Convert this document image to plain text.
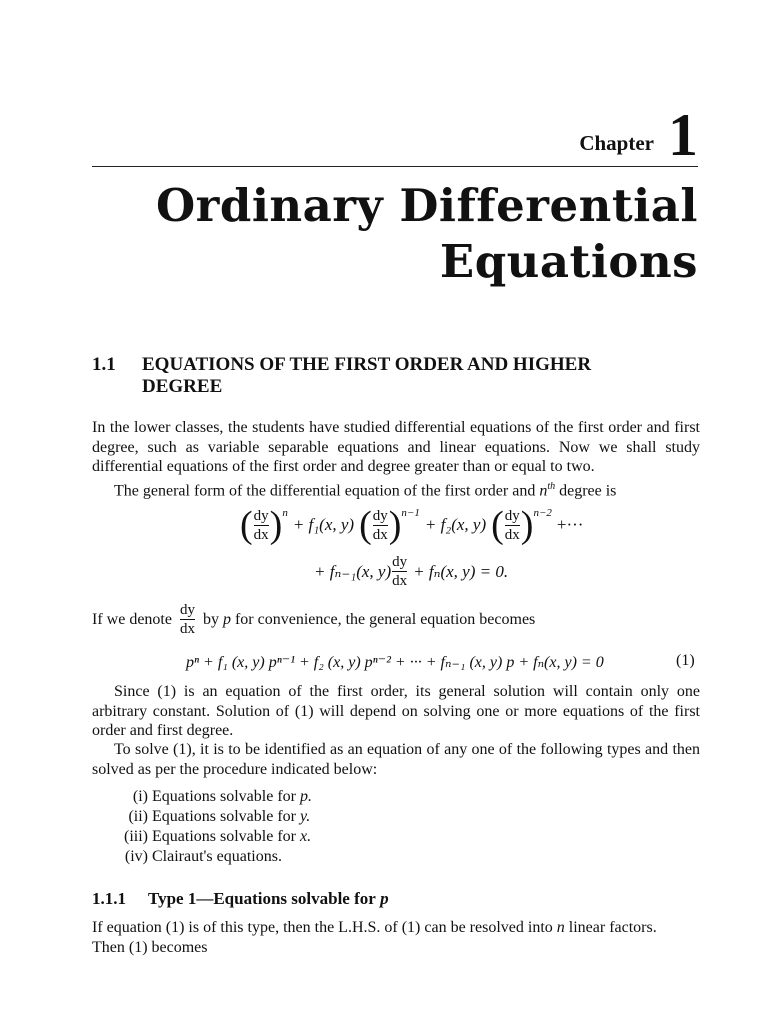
Chapter 1
Ordinary Differential
Equations
1.1	EQUATIONS OF THE FIRST ORDER AND HIGHER DEGREE
In the lower classes, the students have studied differential equations of the first order and first degree, such as variable separable equations and linear equations. Now we shall study differential equations of the first order and degree greater than or equal to two.
The general form of the differential equation of the first order and $n^{th}$ degree is
( $\frac{dy}{dx} )^n$
+ f₁(x, y) ( $\frac{dy}{dx} )^{n-1}$
+ f₂(x, y) ( $\frac{dy}{dx} )^{n-2}$
+···
+ fₙ₋₁(x, $y) \frac{dy}{dx} + f_n(x$, y) = 0.
If we denote $\frac{dy}{dx}$ by
p
for convenience, the general equation becomes
pⁿ + f₁ (x, y) pⁿ⁻¹ + f₂ (x, y) pⁿ⁻² + ··· + fₙ₋₁ (x, y) p + fₙ(x, y) = 0	(1)
Since (1) is an equation of the first order, its general solution will contain only one arbitrary constant. Solution of (1) will depend on solving one or more equations of the first order and first degree.
To solve (1), it is to be identified as an equation of any one of the following types and then solved as per the procedure indicated below:
(i) Equations solvable for
p.
(ii) Equations solvable for
y.
(iii) Equations solvable for
x.
(iv) Clairaut's equations.
1.1.1	Type 1—Equations solvable for
p
If equation (1) is of this type, then the L.H.S. of (1) can be resolved into n linear factors.
Then (1) becomes
